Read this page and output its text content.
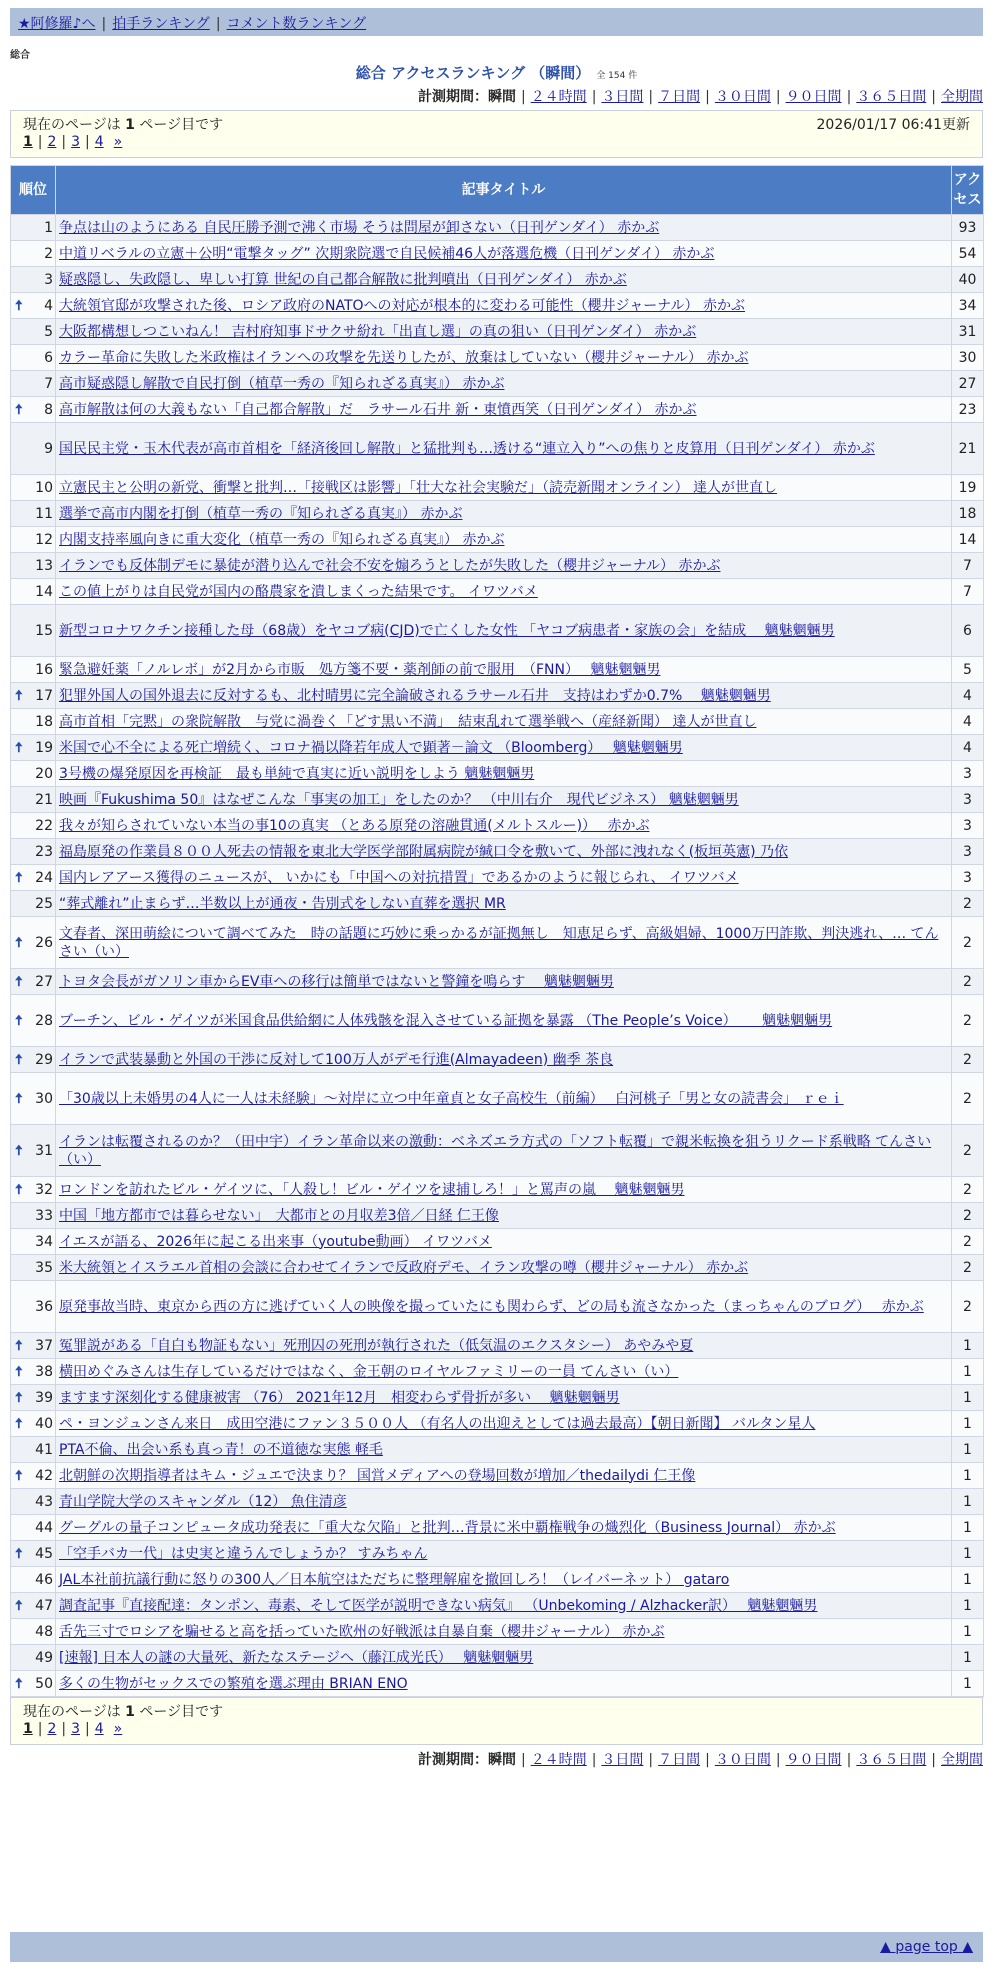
★阿修羅♪へ | 拍手ランキング | コメント数ランキング
総合
総合 アクセスランキング （瞬間） 全 154 件
計測期間：瞬間 | ２４時間 | ３日間 | ７日間 | ３０日間 | ９０日間 | ３６５日間 | 全期間
現在のページは 1 ページ目です	2026/01/17 06:41更新
1 | 2 | 3 | 4 »
順位	記事タイトル	アクセス
1	争点は山のようにある 自民圧勝予測で沸く市場 そうは問屋が卸さない（日刊ゲンダイ） 赤かぶ	93
2	中道リベラルの立憲＋公明“電撃タッグ” 次期衆院選で自民候補46人が落選危機（日刊ゲンダイ） 赤かぶ	54
3	疑惑隠し、失政隠し、卑しい打算 世紀の自己都合解散に批判噴出（日刊ゲンダイ） 赤かぶ	40

🠅 4	大統領官邸が攻撃された後、ロシア政府のNATOへの対応が根本的に変わる可能性（櫻井ジャーナル） 赤かぶ	34
5	大阪都構想しつこいねん！ 吉村府知事ドサクサ紛れ「出直し選」の真の狙い（日刊ゲンダイ） 赤かぶ	31
6	カラー革命に失敗した米政権はイランへの攻撃を先送りしたが、放棄はしていない（櫻井ジャーナル） 赤かぶ	30
7	高市疑惑隠し解散で自民打倒（植草一秀の『知られざる真実』） 赤かぶ	27

🠅 8	高市解散は何の大義もない「自己都合解散」だ　ラサール石井 新・東憤西笑（日刊ゲンダイ） 赤かぶ	23
9	国民民主党・玉木代表が高市首相を「経済後回し解散」と猛批判も…透ける“連立入り”への焦りと皮算用（日刊ゲンダイ） 赤かぶ	21
10	立憲民主と公明の新党、衝撃と批判…「接戦区は影響」「壮大な社会実験だ」（読売新聞オンライン） 達人が世直し	19
11	選挙で高市内閣を打倒（植草一秀の『知られざる真実』） 赤かぶ	18
12	内閣支持率風向きに重大変化（植草一秀の『知られざる真実』） 赤かぶ	14
13	イランでも反体制デモに暴徒が潜り込んで社会不安を煽ろうとしたが失敗した（櫻井ジャーナル） 赤かぶ	7
14	この値上がりは自民党が国内の酪農家を潰しまくった結果です。 イワツバメ	7
15	新型コロナワクチン接種した母（68歳）をヤコブ病(CJD)で亡くした女性 「ヤコブ病患者・家族の会」を結成　 魑魅魍魎男	6
16	緊急避妊薬「ノルレボ」が2月から市販　処方箋不要・薬剤師の前で服用　（FNN）　 魑魅魍魎男	5

🠅 17	犯罪外国人の国外退去に反対するも、北村晴男に完全論破されるラサール石井　支持はわずか0.7%　 魑魅魍魎男	4
18	高市首相「完黙」の衆院解散　与党に渦巻く「どす黒い不満」　結束乱れて選挙戦へ（産経新聞） 達人が世直し	4

🠅 19	米国で心不全による死亡増続く、コロナ禍以降若年成人で顕著－論文 （Bloomberg）　 魑魅魍魎男	4
20	3号機の爆発原因を再検証　最も単純で真実に近い説明をしよう 魑魅魍魎男	3
21	映画『Fukushima 50』はなぜこんな「事実の加工」をしたのか？ （中川右介　現代ビジネス） 魑魅魍魎男	3
22	我々が知らされていない本当の事10の真実 （とある原発の溶融貫通(メルトスルー)）　 赤かぶ	3
23	福島原発の作業員８００人死去の情報を東北大学医学部附属病院が緘口令を敷いて、外部に洩れなく(板垣英憲) 乃依	3

🠅 24	国内レアアース獲得のニュースが、 いかにも「中国への対抗措置」であるかのように報じられ、 イワツバメ	3
25	“葬式離れ”止まらず…半数以上が通夜・告別式をしない直葬を選択 MR	2

🠅 26	文春者、深田萌絵について調べてみた　時の話題に巧妙に乗っかるが証拠無し　知恵足らず、高級娼婦、1000万円詐欺、判決逃れ、… てんさい（い）	2

🠅 27	トヨタ会長がガソリン車からEV車への移行は簡単ではないと警鐘を鳴らす　 魑魅魍魎男	2

🠅 28	ブーチン、ビル・ゲイツが米国食品供給網に人体残骸を混入させている証拠を暴露 （The People’s Voice）　　 魑魅魍魎男	2

🠅 29	イランで武装暴動と外国の干渉に反対して100万人がデモ行進(Almayadeen) 幽季 茶良	2

🠅 30	「30歳以上未婚男の4人に一人は未経験」～対岸に立つ中年童貞と女子高校生（前編）　 白河桃子「男と女の読書会」 ｒｅｉ	2

🠅 31	イランは転覆されるのか？（田中宇）イラン革命以来の激動：ベネズエラ方式の「ソフト転覆」で親米転換を狙うリクード系戦略 てんさい（い）	2

🠅 32	ロンドンを訪れたビル・ゲイツに、「人殺し！ビル・ゲイツを逮捕しろ！」と罵声の嵐　 魑魅魍魎男	2
33	中国「地方都市では暮らせない」　大都市との月収差3倍／日経 仁王像	2
34	イエスが語る、2026年に起こる出来事（youtube動画） イワツバメ	2
35	米大統領とイスラエル首相の会談に合わせてイランで反政府デモ、イラン攻撃の噂（櫻井ジャーナル） 赤かぶ	2
36	原発事故当時、東京から西の方に逃げていく人の映像を撮っていたにも関わらず、どの局も流さなかった（まっちゃんのブログ）　 赤かぶ	2

🠅 37	冤罪説がある「自白も物証もない」死刑囚の死刑が執行された（低気温のエクスタシー） あやみや夏	1

🠅 38	横田めぐみさんは生存しているだけではなく、金王朝のロイヤルファミリーの一員 てんさい（い）	1

🠅 39	ますます深刻化する健康被害 （76） 2021年12月　相変わらず骨折が多い　 魑魅魍魎男	1

🠅 40	ペ・ヨンジュンさん来日　成田空港にファン３５００人 （有名人の出迎えとしては過去最高）【朝日新聞】 バルタン星人	1
41	PTA不倫、出会い系も真っ青！の不道徳な実態 軽毛	1

🠅 42	北朝鮮の次期指導者はキム・ジュエで決まり？ 国営メディアへの登場回数が増加／thedailydi 仁王像	1
43	青山学院大学のスキャンダル（12） 魚住清彦	1
44	グーグルの量子コンピュータ成功発表に「重大な欠陥」と批判…背景に米中覇権戦争の熾烈化（Business Journal） 赤かぶ	1

🠅 45	「空手バカ一代」は史実と違うんでしょうか？ すみちゃん	1
46	JAL本社前抗議行動に怒りの300人／日本航空はただちに整理解雇を撤回しろ！（レイバーネット） gataro	1

🠅 47	調査記事『直接配達：タンポン、毒素、そして医学が説明できない病気』 （Unbekoming / Alzhacker訳）　 魑魅魍魎男	1
48	舌先三寸でロシアを騙せると高を括っていた欧州の好戦派は自暴自棄（櫻井ジャーナル） 赤かぶ	1
49	[速報] 日本人の謎の大量死、新たなステージへ（藤江成光氏）　 魑魅魍魎男	1

🠅 50	多くの生物がセックスでの繁殖を選ぶ理由 BRIAN ENO	1
現在のページは 1 ページ目です
1 | 2 | 3 | 4 »
計測期間：瞬間 | ２４時間 | ３日間 | ７日間 | ３０日間 | ９０日間 | ３６５日間 | 全期間
▲ page top ▲
